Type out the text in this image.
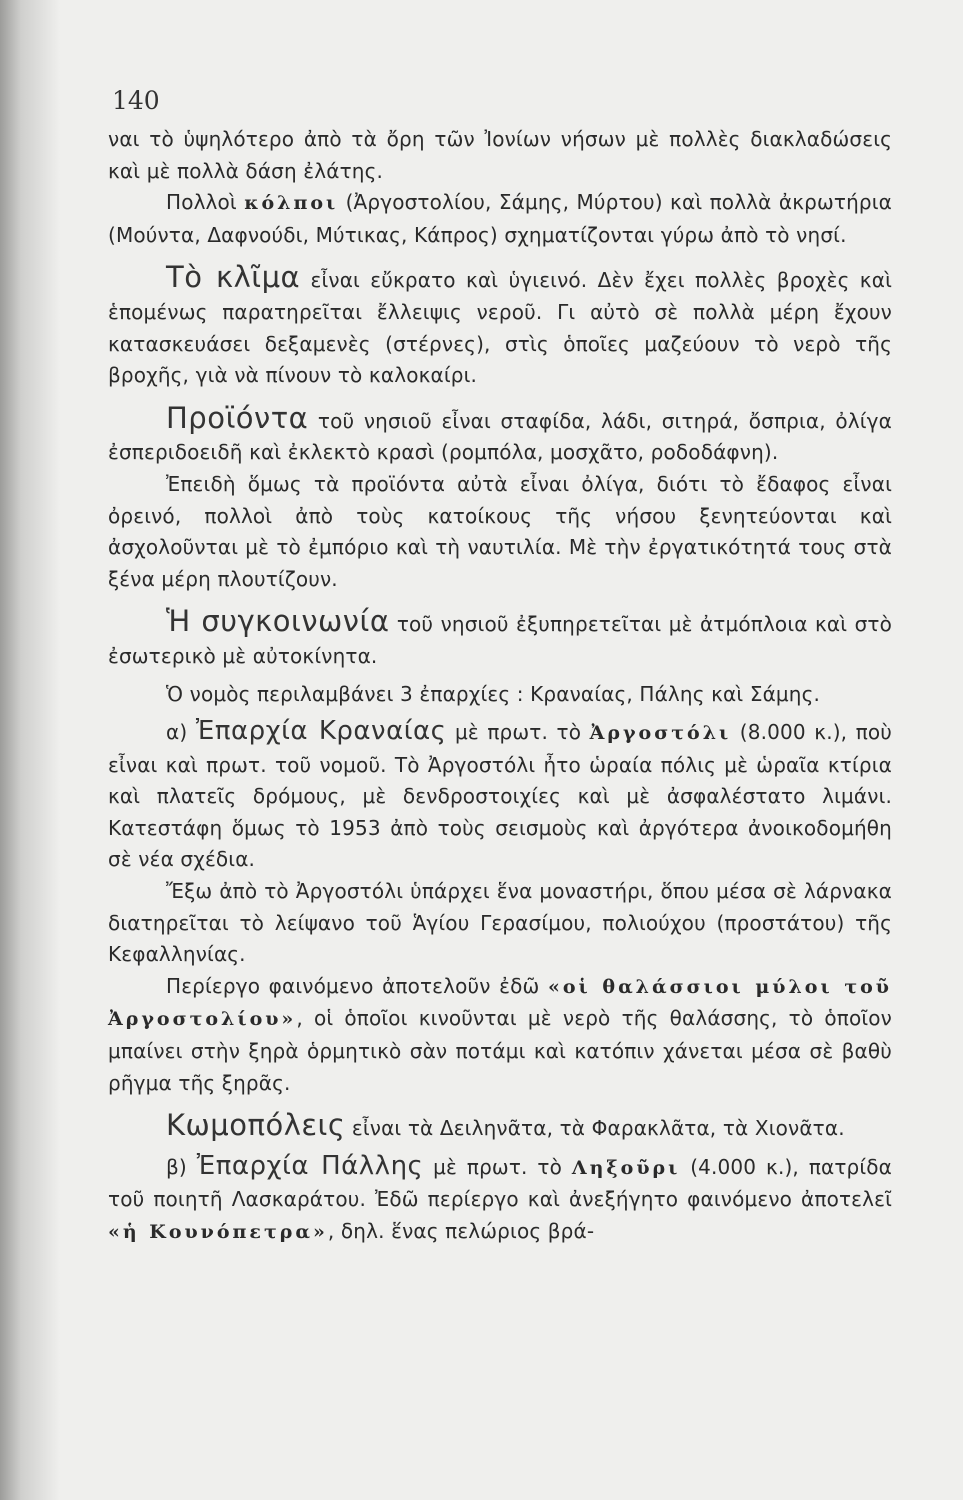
140

ναι τὸ ὑψηλότερο ἀπὸ τὰ ὄρη τῶν Ἰονίων νήσων μὲ πολλὲς διακλαδώσεις καὶ μὲ πολλὰ δάση ἐλάτης.

Πολλοὶ κόλποι (Ἀργοστολίου, Σάμης, Μύρτου) καὶ πολλὰ ἀκρωτήρια (Μούντα, Δαφνούδι, Μύτικας, Κάπρος) σχηματίζονται γύρω ἀπὸ τὸ νησί.

Τὸ κλῖμα εἶναι εὔκρατο καὶ ὑγιεινό. Δὲν ἔχει πολλὲς βροχὲς καὶ ἑπομένως παρατηρεῖται ἔλλειψις νεροῦ. Γι αὐτὸ σὲ πολλὰ μέρη ἔχουν κατασκευάσει δεξαμενὲς (στέρνες), στὶς ὁποῖες μαζεύουν τὸ νερὸ τῆς βροχῆς, γιὰ νὰ πίνουν τὸ καλοκαίρι.

Προϊόντα τοῦ νησιοῦ εἶναι σταφίδα, λάδι, σιτηρά, ὄσπρια, ὀλίγα ἐσπεριδοειδῆ καὶ ἐκλεκτὸ κρασὶ (ρομπόλα, μοσχᾶτο, ροδοδάφνη).

Ἐπειδὴ ὅμως τὰ προϊόντα αὐτὰ εἶναι ὀλίγα, διότι τὸ ἔδαφος εἶναι ὀρεινό, πολλοὶ ἀπὸ τοὺς κατοίκους τῆς νήσου ξενητεύονται καὶ ἀσχολοῦνται μὲ τὸ ἐμπόριο καὶ τὴ ναυτιλία. Μὲ τὴν ἐργατικότητά τους στὰ ξένα μέρη πλουτίζουν.

Ἡ συγκοινωνία τοῦ νησιοῦ ἐξυπηρετεῖται μὲ ἀτμόπλοια καὶ στὸ ἐσωτερικὸ μὲ αὐτοκίνητα.

Ὁ νομὸς περιλαμβάνει 3 ἐπαρχίες : Κραναίας, Πάλης καὶ Σάμης.

α) Ἐπαρχία Κραναίας μὲ πρωτ. τὸ Ἀργοστόλι (8.000 κ.), ποὺ εἶναι καὶ πρωτ. τοῦ νομοῦ. Τὸ Ἀργοστόλι ἦτο ὡραία πόλις μὲ ὡραῖα κτίρια καὶ πλατεῖς δρόμους, μὲ δενδροστοιχίες καὶ μὲ ἀσφαλέστατο λιμάνι. Κατεστάφη ὅμως τὸ 1953 ἀπὸ τοὺς σεισμοὺς καὶ ἀργότερα ἀνοικοδομήθη σὲ νέα σχέδια.

Ἔξω ἀπὸ τὸ Ἀργοστόλι ὑπάρχει ἕνα μοναστήρι, ὅπου μέσα σὲ λάρνακα διατηρεῖται τὸ λείψανο τοῦ Ἁγίου Γερασίμου, πολιούχου (προστάτου) τῆς Κεφαλληνίας.

Περίεργο φαινόμενο ἀποτελοῦν ἐδῶ «οἱ θαλάσσιοι μύλοι τοῦ Ἀργοστολίου», οἱ ὁποῖοι κινοῦνται μὲ νερὸ τῆς θαλάσσης, τὸ ὁποῖον μπαίνει στὴν ξηρὰ ὁρμητικὸ σὰν ποτάμι καὶ κατόπιν χάνεται μέσα σὲ βαθὺ ρῆγμα τῆς ξηρᾶς.

Κωμοπόλεις εἶναι τὰ Δειληνᾶτα, τὰ Φαρακλᾶτα, τὰ Χιονᾶτα.

β) Ἐπαρχία Πάλλης μὲ πρωτ. τὸ Ληξοῦρι (4.000 κ.), πατρίδα τοῦ ποιητῆ Λασκαράτου. Ἐδῶ περίεργο καὶ ἀνεξήγητο φαινόμενο ἀποτελεῖ «ἡ Κουνόπετρα», δηλ. ἕνας πελώριος βρά-
